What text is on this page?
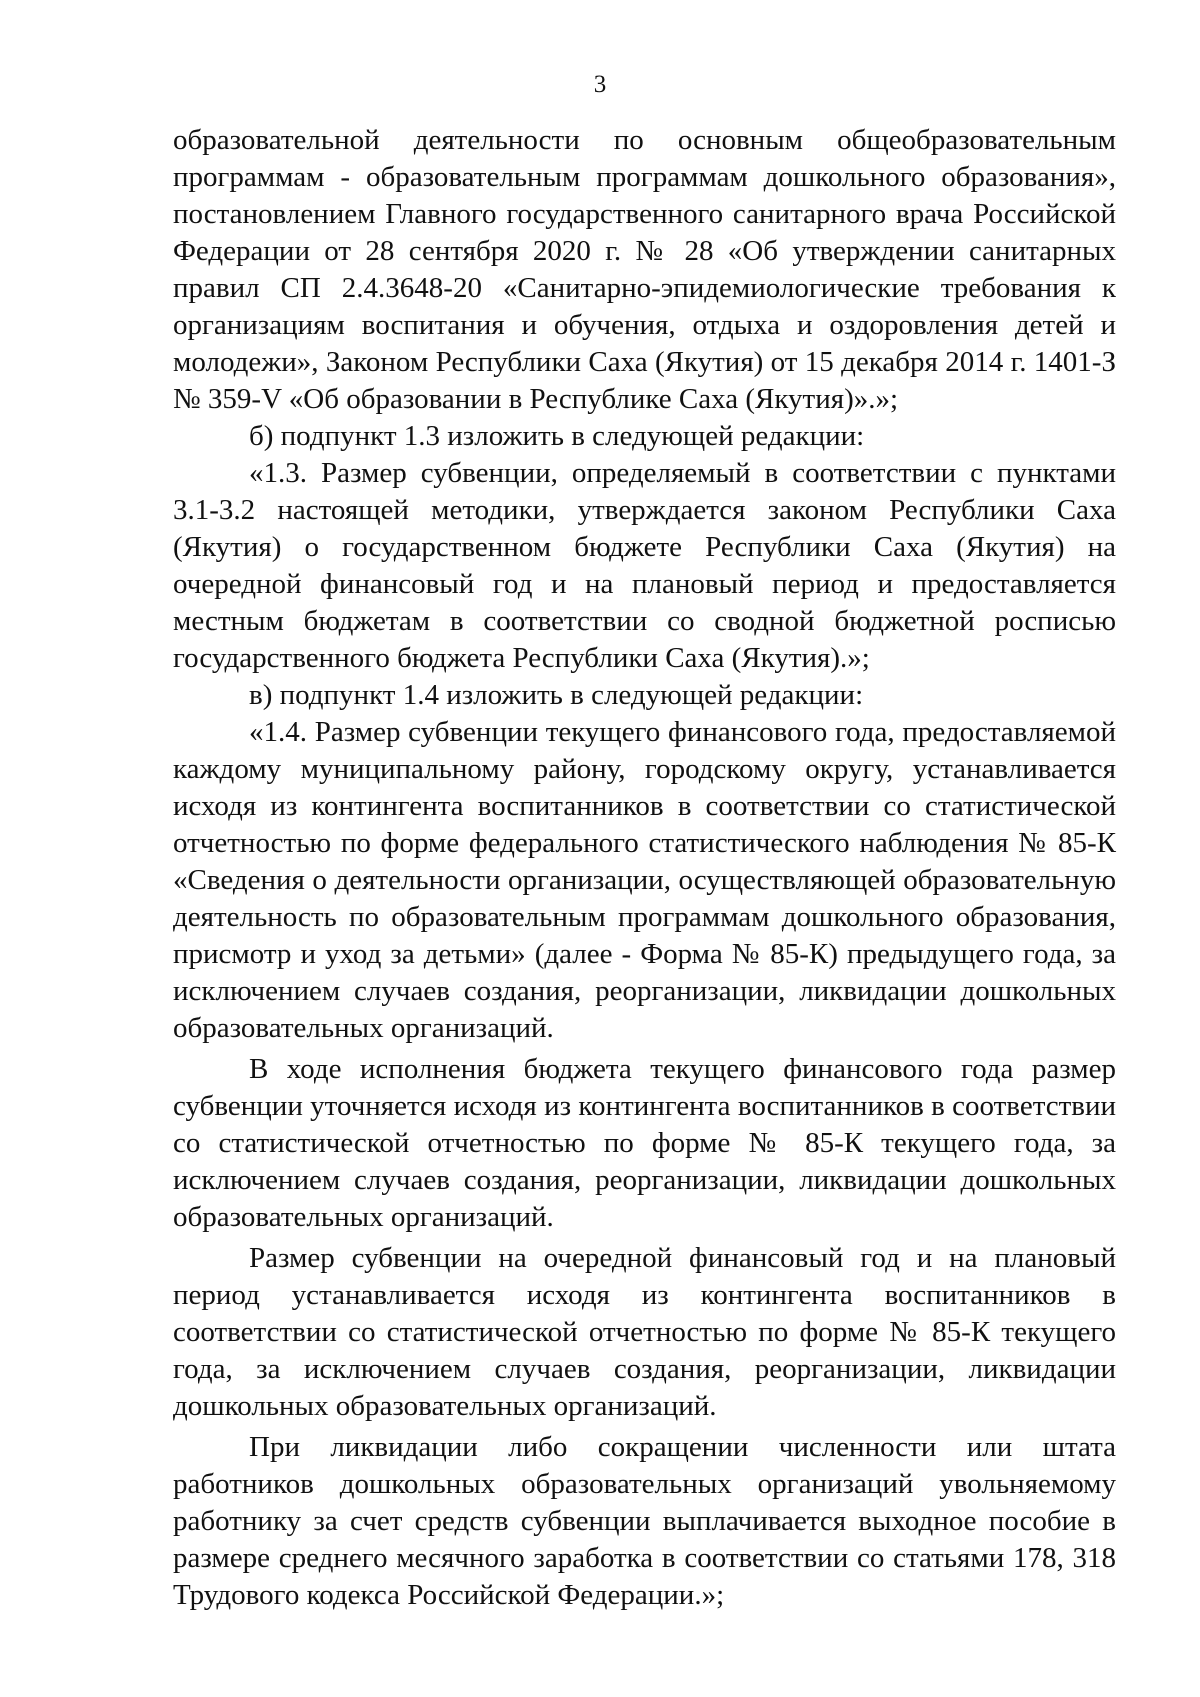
3

образовательной деятельности по основным общеобразовательным программам - образовательным программам дошкольного образования», постановлением Главного государственного санитарного врача Российской Федерации от 28 сентября 2020 г. № 28 «Об утверждении санитарных правил СП 2.4.3648-20 «Санитарно-эпидемиологические требования к организациям воспитания и обучения, отдыха и оздоровления детей и молодежи», Законом Республики Саха (Якутия) от 15 декабря 2014 г. 1401-З № 359-V «Об образовании в Республике Саха (Якутия)».»;

б) подпункт 1.3 изложить в следующей редакции:

«1.3. Размер субвенции, определяемый в соответствии с пунктами 3.1-3.2 настоящей методики, утверждается законом Республики Саха (Якутия) о государственном бюджете Республики Саха (Якутия) на очередной финансовый год и на плановый период и предоставляется местным бюджетам в соответствии со сводной бюджетной росписью государственного бюджета Республики Саха (Якутия).»;

в) подпункт 1.4 изложить в следующей редакции:

«1.4. Размер субвенции текущего финансового года, предоставляемой каждому муниципальному району, городскому округу, устанавливается исходя из контингента воспитанников в соответствии со статистической отчетностью по форме федерального статистического наблюдения № 85-К «Сведения о деятельности организации, осуществляющей образовательную деятельность по образовательным программам дошкольного образования, присмотр и уход за детьми» (далее - Форма № 85-К) предыдущего года, за исключением случаев создания, реорганизации, ликвидации дошкольных образовательных организаций.

В ходе исполнения бюджета текущего финансового года размер субвенции уточняется исходя из контингента воспитанников в соответствии со статистической отчетностью по форме № 85-К текущего года, за исключением случаев создания, реорганизации, ликвидации дошкольных образовательных организаций.

Размер субвенции на очередной финансовый год и на плановый период устанавливается исходя из контингента воспитанников в соответствии со статистической отчетностью по форме № 85-К текущего года, за исключением случаев создания, реорганизации, ликвидации дошкольных образовательных организаций.

При ликвидации либо сокращении численности или штата работников дошкольных образовательных организаций увольняемому работнику за счет средств субвенции выплачивается выходное пособие в размере среднего месячного заработка в соответствии со статьями 178, 318 Трудового кодекса Российской Федерации.»;
